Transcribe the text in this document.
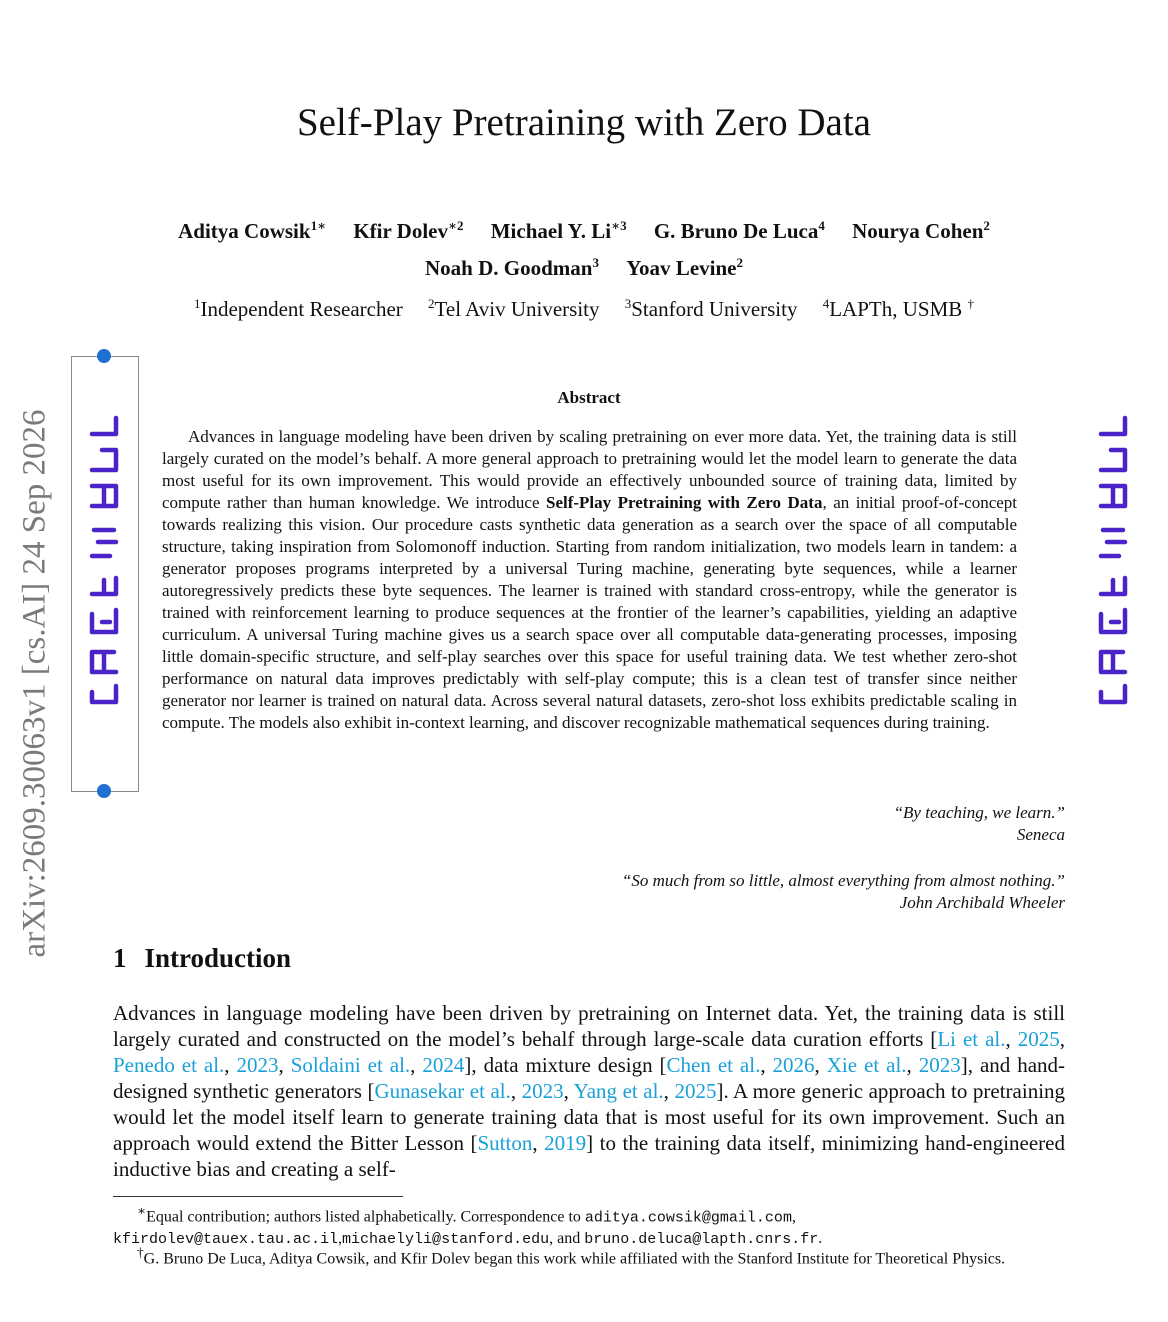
Self-Play Pretraining with Zero Data
Aditya Cowsik$^{1∗}$ Kfir Dolev$^{∗2}$ Michael Y. $Li^{∗3}$ G. Bruno De Luca$^4$ Nourya Cohen$^2$
Noah D. Goodman$^3$ Yoav Levine$^2$
$^1$Independent Researcher $^2$Tel Aviv University $^3$Stanford University $^4$LAPTh, USMB †
Abstract
Advances in language modeling have been driven by scaling pretraining on ever more data. Yet, the training data is still largely curated on the model’s behalf. A more general approach to pretraining would let the model learn to generate the data most useful for its own improvement. This would provide an effectively unbounded source of training data, limited by compute rather than human knowledge. We introduce Self-Play Pretraining with Zero Data, an initial proof-of-concept towards realizing this vision. Our procedure casts synthetic data generation as a search over the space of all computable structure, taking inspiration from Solomonoff induction. Starting from random initialization, two models learn in tandem: a generator proposes programs interpreted by a universal Turing machine, generating byte sequences, while a learner autoregressively predicts these byte sequences. The learner is trained with standard cross-entropy, while the generator is trained with reinforcement learning to produce sequences at the frontier of the learner’s capabilities, yielding an adaptive curriculum. A universal Turing machine gives us a search space over all computable data-generating processes, imposing little domain-specific structure, and self-play searches over this space for useful training data. We test whether zero-shot performance on natural data improves predictably with self-play compute; this is a clean test of transfer since neither generator nor learner is trained on natural data. Across several natural datasets, zero-shot loss exhibits predictable scaling in compute. The models also exhibit in-context learning, and discover recognizable mathematical sequences during training.
“By teaching, we learn.”
Seneca
“So much from so little, almost everything from almost nothing.”
John Archibald Wheeler
1 Introduction
Advances in language modeling have been driven by pretraining on Internet data. Yet, the training data is still largely curated and constructed on the model’s behalf through large-scale data curation efforts [Li et al., 2025, Penedo et al., 2023, Soldaini et al., 2024], data mixture design [Chen et al., 2026, Xie et al., 2023], and hand-designed synthetic generators [Gunasekar et al., 2023, Yang et al., 2025]. A more generic approach to pretraining would let the model itself learn to generate training data that is most useful for its own improvement. Such an approach would extend the Bitter Lesson [Sutton, 2019] to the training data itself, minimizing hand-engineered inductive bias and creating a self-
∗Equal contribution; authors listed alphabetically. Correspondence to aditya.cowsik@gmail.com, kfirdolev@tauex.tau.ac.il,michaelyli@stanford.edu, and bruno.deluca@lapth.cnrs.fr.
†G. Bruno De Luca, Aditya Cowsik, and Kfir Dolev began this work while affiliated with the Stanford Institute for Theoretical Physics.
arXiv:2609.30063v1 [cs.AI] 24 Sep 2026
